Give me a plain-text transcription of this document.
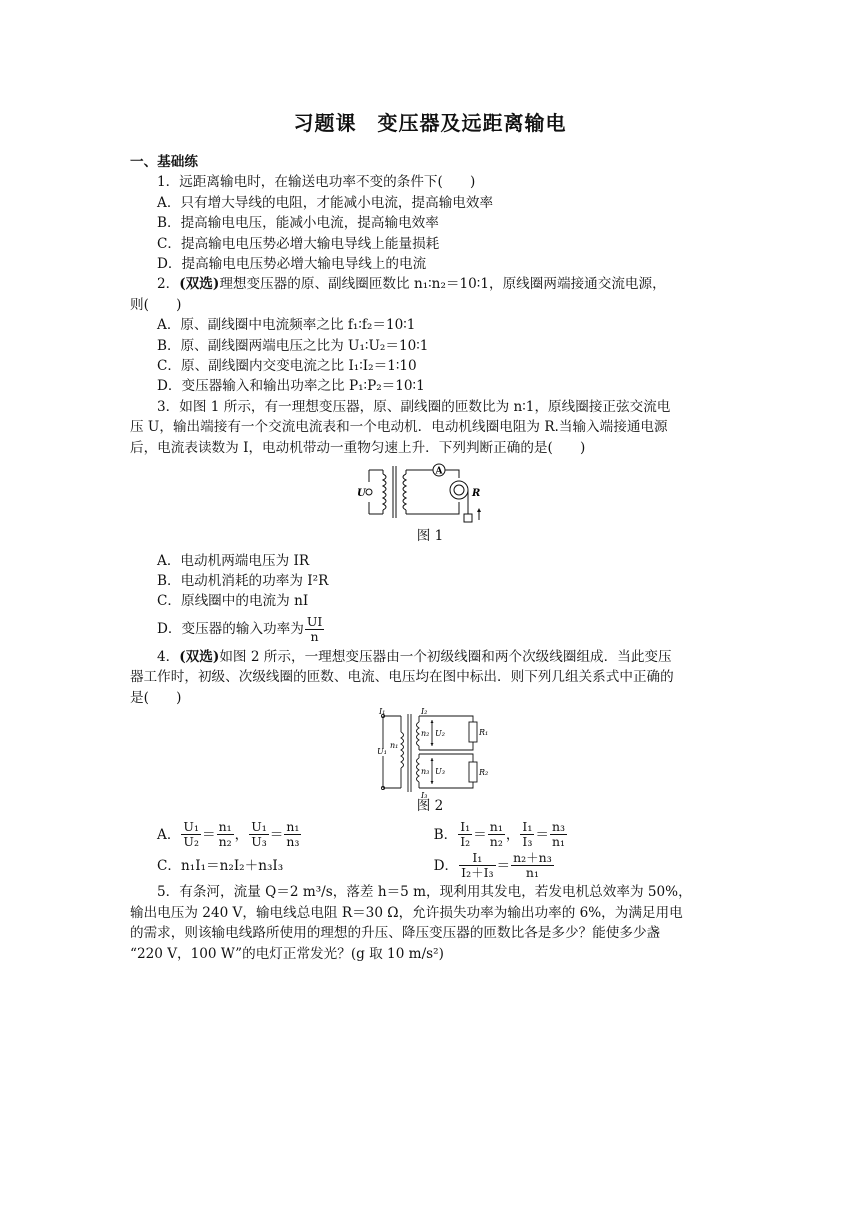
习题课　变压器及远距离输电
一、基础练
1．远距离输电时，在输送电功率不变的条件下(　　)
A．只有增大导线的电阻，才能减小电流，提高输电效率
B．提高输电电压，能减小电流，提高输电效率
C．提高输电电压势必增大输电导线上能量损耗
D．提高输电电压势必增大输电导线上的电流
2．(双选)理想变压器的原、副线圈匝数比 n₁∶n₂＝10∶1，原线圈两端接通交流电源，
则(　　)
A．原、副线圈中电流频率之比 f₁∶f₂＝10∶1
B．原、副线圈两端电压之比为 U₁∶U₂＝10∶1
C．原、副线圈内交变电流之比 I₁∶I₂＝1∶10
D．变压器输入和输出功率之比 P₁∶P₂＝10∶1
3．如图 1 所示，有一理想变压器，原、副线圈的匝数比为 n∶1，原线圈接正弦交流电
压 U，输出端接有一个交流电流表和一个电动机．电动机线圈电阻为 R.当输入端接通电源
后，电流表读数为 I，电动机带动一重物匀速上升．下列判断正确的是(　　)
U
A
R
图 1
A．电动机两端电压为 IR
B．电动机消耗的功率为 I²R
C．原线圈中的电流为 nI
D．变压器的输入功率为 $\frac{UI}{n}$
4．(双选)如图 2 所示，一理想变压器由一个初级线圈和两个次级线圈组成．当此变压
器工作时，初级、次级线圈的匝数、电流、电压均在图中标出．则下列几组关系式中正确的
是(　　)
I₁
U₁
n₁
I₂
n₂ U₂	R₁
n₃ U₃	R₂
I₃
图 2
A． $\frac{\text{U₁}}{\text{U₂}} = \frac{\text{n₁}}{\text{n₂}}$ ， $\frac{\text{U₁}}{\text{U₃}} = \frac{\text{n₁}}{\text{n₃}}$	B． $\frac{\text{I₁}}{\text{I₂}} = \frac{\text{n₁}}{\text{n₂}}$ ， $\frac{\text{I₁}}{\text{I₃}} = \frac{\text{n₃}}{\text{n₁}}$
C．n₁I₁＝n₂I₂＋n₃I₃	D． $\frac{\text{I₁}}{\text{I₂＋I₃}} = \frac{\text{n₂＋n₃}}{\text{n₁}}$
5．有条河，流量 Q＝2 m³/s，落差 h＝5 m，现利用其发电，若发电机总效率为 50%，
输出电压为 240 V，输电线总电阻 R＝30 Ω，允许损失功率为输出功率的 6%，为满足用电
的需求，则该输电线路所使用的理想的升压、降压变压器的匝数比各是多少？能使多少盏
“220 V，100 W”的电灯正常发光？(g 取 10 m/s²)
